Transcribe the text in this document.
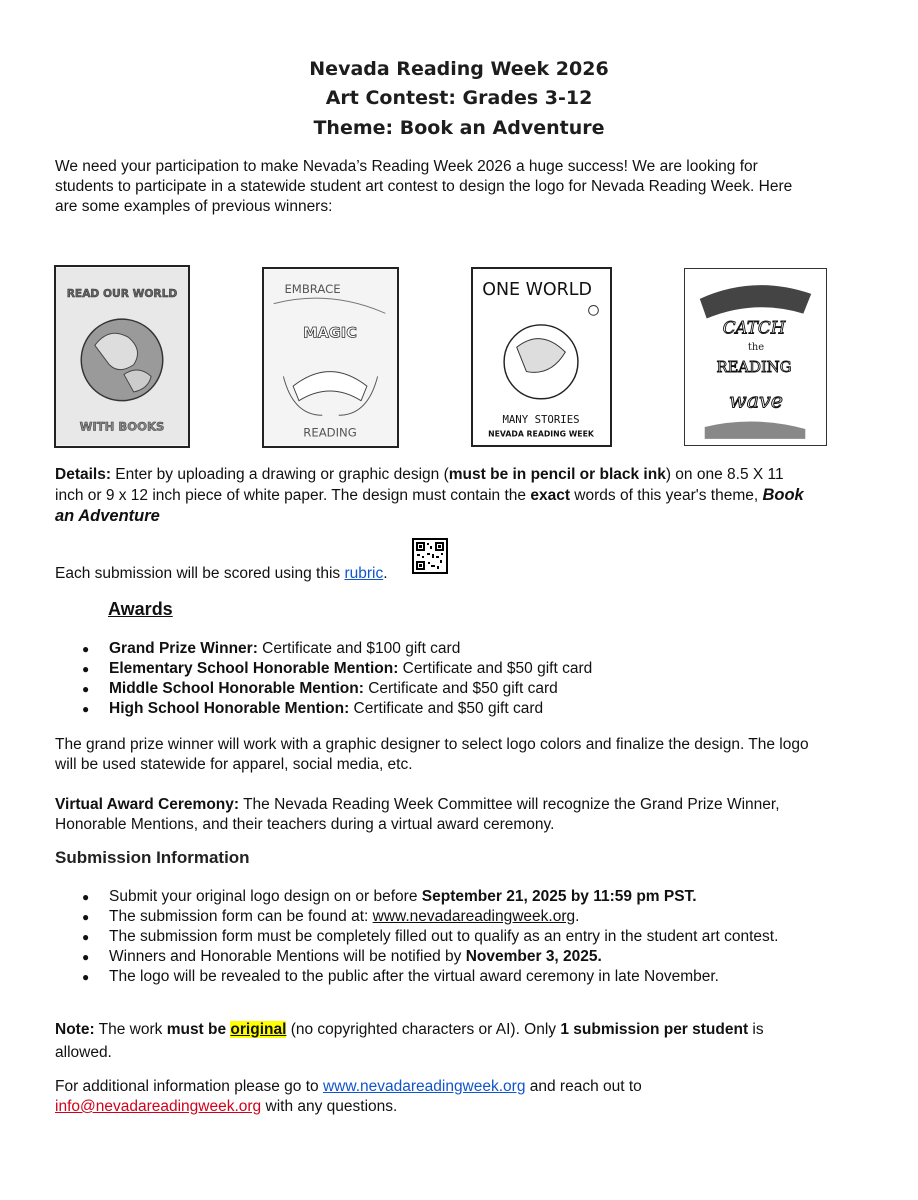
Nevada Reading Week 2026
Art Contest: Grades 3-12
Theme: Book an Adventure
We need your participation to make Nevada’s Reading Week 2026 a huge success! We are looking for
students to participate in a statewide student art contest to design the logo for Nevada Reading Week. Here
are some examples of previous winners:
READ OUR WORLD
WITH BOOKS
EMBRACE
MAGIC
READING
ONE WORLD
MANY STORIES
NEVADA READING WEEK
CATCH
the
READING
wave
Details: Enter by uploading a drawing or graphic design (must be in pencil or black ink) on one 8.5 X 11
inch or 9 x 12 inch piece of white paper. The design must contain the exact words of this year's theme, Book
an Adventure
Each submission will be scored using this rubric.
Awards
● Grand Prize Winner: Certificate and $100 gift card
● Elementary School Honorable Mention: Certificate and $50 gift card
● Middle School Honorable Mention: Certificate and $50 gift card
● High School Honorable Mention: Certificate and $50 gift card
The grand prize winner will work with a graphic designer to select logo colors and finalize the design. The logo
will be used statewide for apparel, social media, etc.
Virtual Award Ceremony: The Nevada Reading Week Committee will recognize the Grand Prize Winner,
Honorable Mentions, and their teachers during a virtual award ceremony.
Submission Information
● Submit your original logo design on or before September 21, 2025 by 11:59 pm PST.
● The submission form can be found at: www.nevadareadingweek.org.
● The submission form must be completely filled out to qualify as an entry in the student art contest.
● Winners and Honorable Mentions will be notified by November 3, 2025.
● The logo will be revealed to the public after the virtual award ceremony in late November.
Note: The work must be original (no copyrighted characters or AI). Only 1 submission per student is
allowed.
For additional information please go to www.nevadareadingweek.org and reach out to
info@nevadareadingweek.org with any questions.
